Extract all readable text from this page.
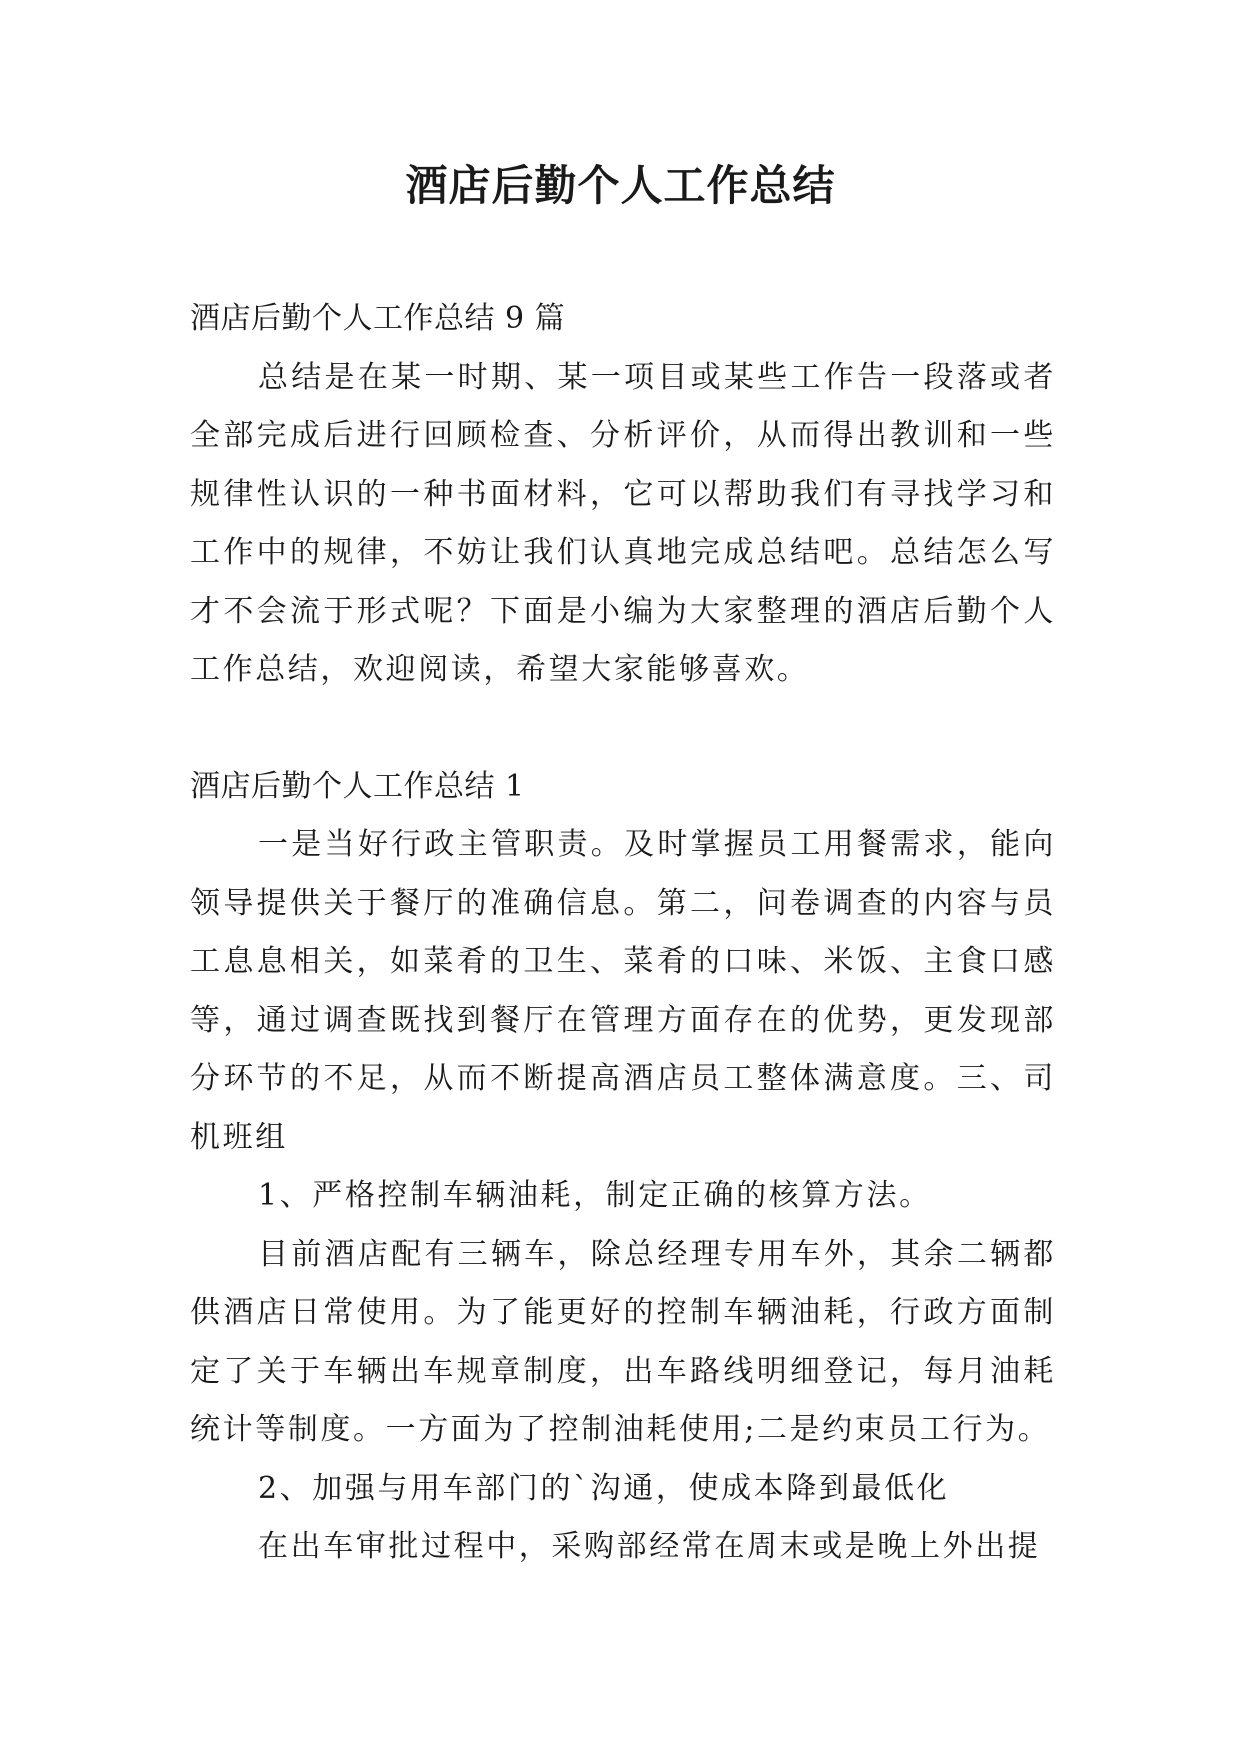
酒店后勤个人工作总结

酒店后勤个人工作总结 9 篇

总结是在某一时期、某一项目或某些工作告一段落或者全部完成后进行回顾检查、分析评价，从而得出教训和一些规律性认识的一种书面材料，它可以帮助我们有寻找学习和工作中的规律，不妨让我们认真地完成总结吧。总结怎么写才不会流于形式呢？下面是小编为大家整理的酒店后勤个人工作总结，欢迎阅读，希望大家能够喜欢。

酒店后勤个人工作总结 1

一是当好行政主管职责。及时掌握员工用餐需求，能向领导提供关于餐厅的准确信息。第二，问卷调查的内容与员工息息相关，如菜肴的卫生、菜肴的口味、米饭、主食口感等，通过调查既找到餐厅在管理方面存在的优势，更发现部分环节的不足，从而不断提高酒店员工整体满意度。三、司机班组

1、严格控制车辆油耗，制定正确的核算方法。

目前酒店配有三辆车，除总经理专用车外，其余二辆都供酒店日常使用。为了能更好的控制车辆油耗，行政方面制定了关于车辆出车规章制度，出车路线明细登记，每月油耗统计等制度。一方面为了控制油耗使用;二是约束员工行为。

2、加强与用车部门的`沟通，使成本降到最低化

在出车审批过程中，采购部经常在周末或是晚上外出提
